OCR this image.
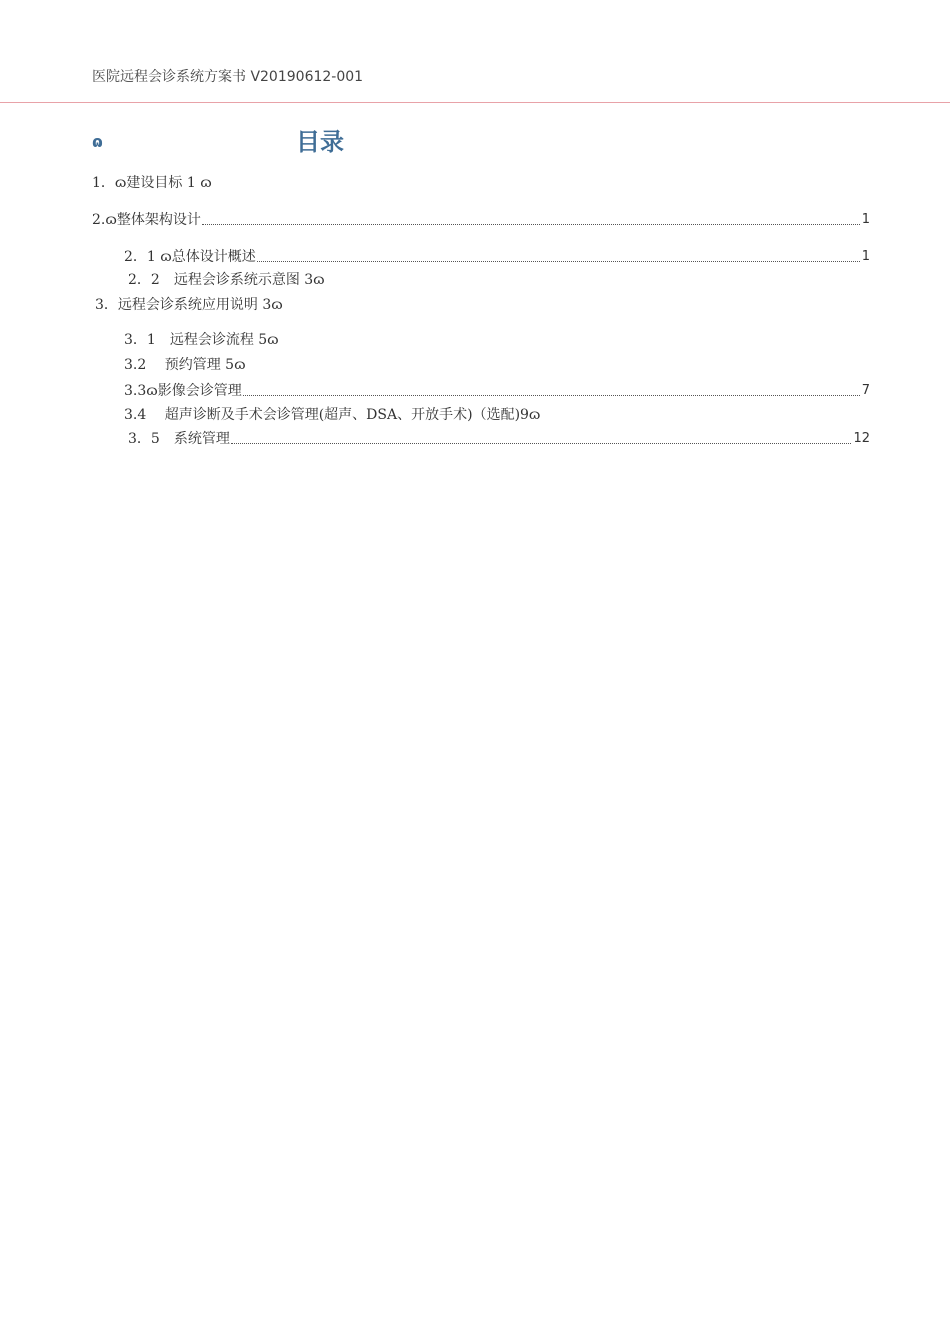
医院远程会诊系统方案书 V20190612-001
ɷ	目录
1．ɷ建设目标 1 ɷ
2.ɷ整体架构设计	1
2．1 ɷ总体设计概述	1
2．2　远程会诊系统示意图 3ɷ
3．远程会诊系统应用说明 3ɷ
3．1　远程会诊流程 5ɷ
3.2　 预约管理 5ɷ
3.3ɷ影像会诊管理	7
3.4　 超声诊断及手术会诊管理(超声、DSA、开放手术)（选配)9ɷ
3．5　系统管理	12
